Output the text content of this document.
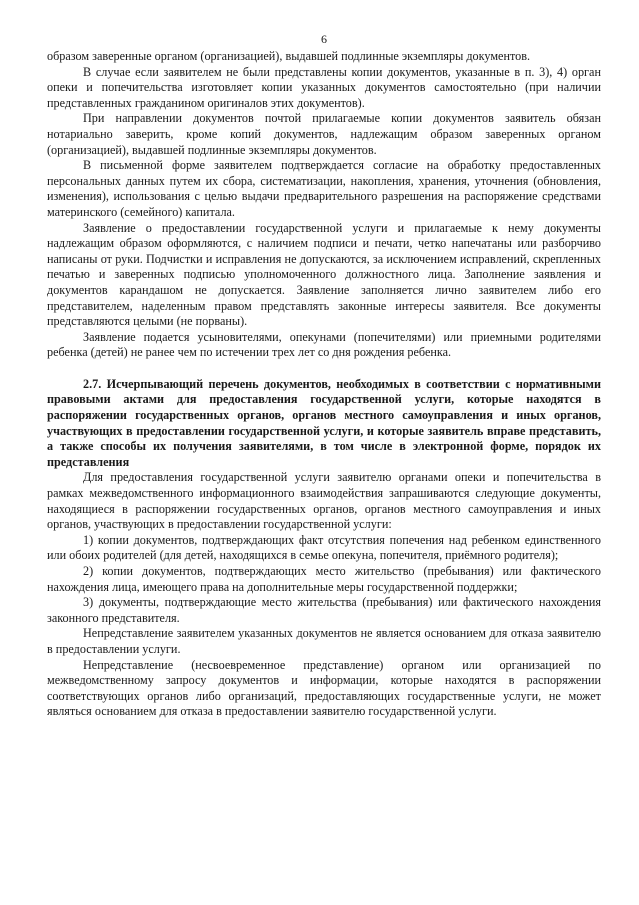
6

образом заверенные органом (организацией), выдавшей подлинные экземпляры документов.

В случае если заявителем не были представлены копии документов, указанные в п. 3), 4) орган опеки и попечительства изготовляет копии указанных документов самостоятельно (при наличии представленных гражданином оригиналов этих документов).

При направлении документов почтой прилагаемые копии документов заявитель обязан нотариально заверить, кроме копий документов, надлежащим образом заверенных органом (организацией), выдавшей подлинные экземпляры документов.

В письменной форме заявителем подтверждается согласие на обработку предоставленных персональных данных путем их сбора, систематизации, накопления, хранения, уточнения (обновления, изменения), использования с целью выдачи предварительного разрешения на распоряжение средствами материнского (семейного) капитала.

Заявление о предоставлении государственной услуги и прилагаемые к нему документы надлежащим образом оформляются, с наличием подписи и печати, четко напечатаны или разборчиво написаны от руки. Подчистки и исправления не допускаются, за исключением исправлений, скрепленных печатью и заверенных подписью уполномоченного должностного лица. Заполнение заявления и документов карандашом не допускается. Заявление заполняется лично заявителем либо его представителем, наделенным правом представлять законные интересы заявителя. Все документы представляются целыми (не порваны).

Заявление подается усыновителями, опекунами (попечителями) или приемными родителями ребенка (детей) не ранее чем по истечении трех лет со дня рождения ребенка.

2.7. Исчерпывающий перечень документов, необходимых в соответствии с нормативными правовыми актами для предоставления государственной услуги, которые находятся в распоряжении государственных органов, органов местного самоуправления и иных органов, участвующих в предоставлении государственной услуги, и которые заявитель вправе представить, а также способы их получения заявителями, в том числе в электронной форме, порядок их представления

Для предоставления государственной услуги заявителю органами опеки и попечительства в рамках межведомственного информационного взаимодействия запрашиваются следующие документы, находящиеся в распоряжении государственных органов, органов местного самоуправления и иных органов, участвующих в предоставлении государственной услуги:

1) копии документов, подтверждающих факт отсутствия попечения над ребенком единственного или обоих родителей (для детей, находящихся в семье опекуна, попечителя, приёмного родителя);

2) копии документов, подтверждающих место жительство (пребывания) или фактического нахождения лица, имеющего права на дополнительные меры государственной поддержки;

3) документы, подтверждающие место жительства (пребывания) или фактического нахождения законного представителя.

Непредставление заявителем указанных документов не является основанием для отказа заявителю в предоставлении услуги.

Непредставление (несвоевременное представление) органом или организацией по межведомственному запросу документов и информации, которые находятся в распоряжении соответствующих органов либо организаций, предоставляющих государственные услуги, не может являться основанием для отказа в предоставлении заявителю государственной услуги.
